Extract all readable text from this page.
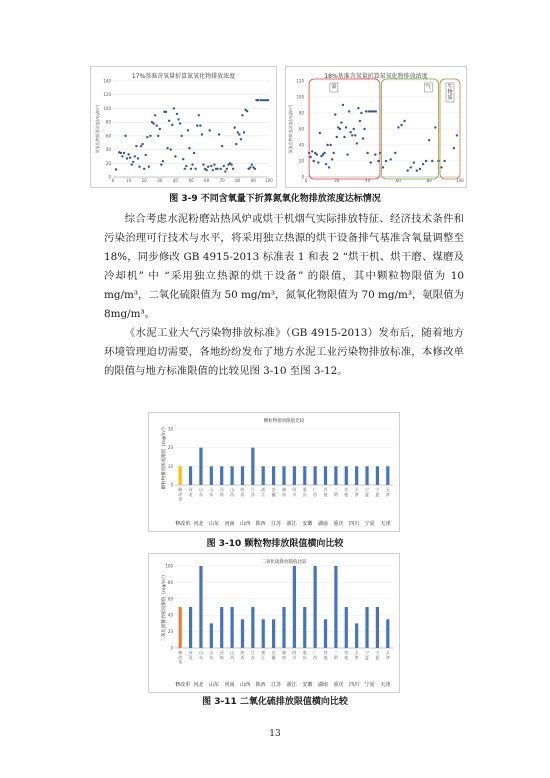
17%基准含氧量折算氮氧化物排放浓度
0
20
40
60
80
100
120
140
0	10	20	30	40	50	60	70	80	90 100
氮氧化物排放浓度(mg/m³)
18%基准含氧量折算氮氧化物排放浓度
0
20
40
60
80
100
120
0	20	40	60	80	100
氮氧化物排放浓度(mg/m³)
湿	气	生
物
质
图 3-9 不同含氧量下折算氮氧化物排放浓度达标情况

综合考虑水泥粉磨站热风炉或烘干机烟气实际排放特征、经济技术条件和污染治理可行技术与水平，将采用独立热源的烘干设备排气基准含氧量调整至 18%，同步修改 GB 4915-2013 标准表 1 和表 2 “烘干机、烘干磨、煤磨及冷却机” 中 “采用独立热源的烘干设备” 的限值，其中颗粒物限值为 10 mg/m³，二氧化硫限值为 50 mg/m³，氮氧化物限值为 70 mg/m³，氨限值为 8mg/m³。

《水泥工业大气污染物排放标准》（GB 4915-2013）发布后，随着地方环境管理迫切需要，各地纷纷发布了地方水泥工业污染物排放标准，本修改单的限值与地方标准限值的比较见图 3-10 至图 3-12。

颗粒物排放限值比较
0
10
20
30
颗粒物排放浓度限值（mg/m³）
修
改
单
河
北
山
东
山
东
河
南
山
西
陕
西
江
苏
浙
江
安
徽
湖
南
四
川
重
庆
广
西
其
他
三
明
其
他
天
津
宁
夏
宁
夏
天
津
修改单 河北 山东 河南 山西 陕西 江苏 浙江 安徽 湖南 重庆 四川 宁夏 天津
图 3-10 颗粒物排放限值横向比较
二氧化硫排放限值比较
0
20
40
60
80
100
二氧化硫排放浓度限值（mg/m³）
修
改
单
河
北
山
东
山
东
河
南
山
西
陕
西
江
苏
浙
江
安
徽
湖
南
四
川
重
庆
广
西
其
他
三
明
其
他
天
津
宁
夏
宁
夏
天
津
修改单 河北 山东 河南 山西 陕西 江苏 浙江 安徽 湖南 重庆 四川 宁夏 天津
图 3-11 二氧化硫排放限值横向比较
13
